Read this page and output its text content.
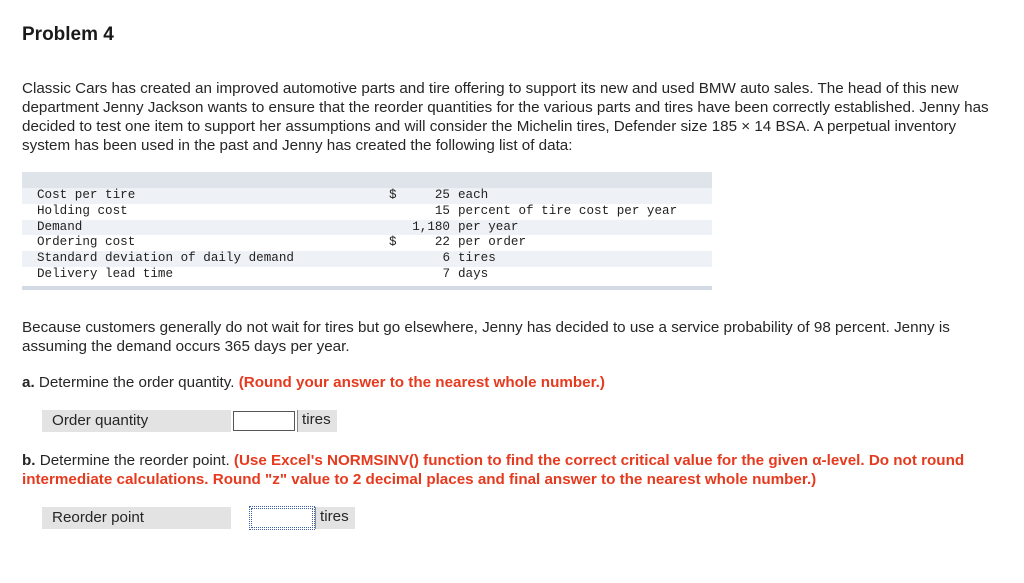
Problem 4
Classic Cars has created an improved automotive parts and tire offering to support its new and used BMW auto sales. The head of this new department Jenny Jackson wants to ensure that the reorder quantities for the various parts and tires have been correctly established. Jenny has decided to test one item to support her assumptions and will consider the Michelin tires, Defender size 185 × 14 BSA. A perpetual inventory system has been used in the past and Jenny has created the following list of data:
Cost per tire	$	25 each
Holding cost	15 percent of tire cost per year
Demand	1,180 per year
Ordering cost	$	22 per order
Standard deviation of daily demand	6 tires
Delivery lead time	7 days
Because customers generally do not wait for tires but go elsewhere, Jenny has decided to use a service probability of 98 percent. Jenny is assuming the demand occurs 365 days per year.
a. Determine the order quantity. (Round your answer to the nearest whole number.)
Order quantity	tires
b. Determine the reorder point. (Use Excel's NORMSINV() function to find the correct critical value for the given α-level. Do not round intermediate calculations. Round "z" value to 2 decimal places and final answer to the nearest whole number.)
Reorder point	tires
